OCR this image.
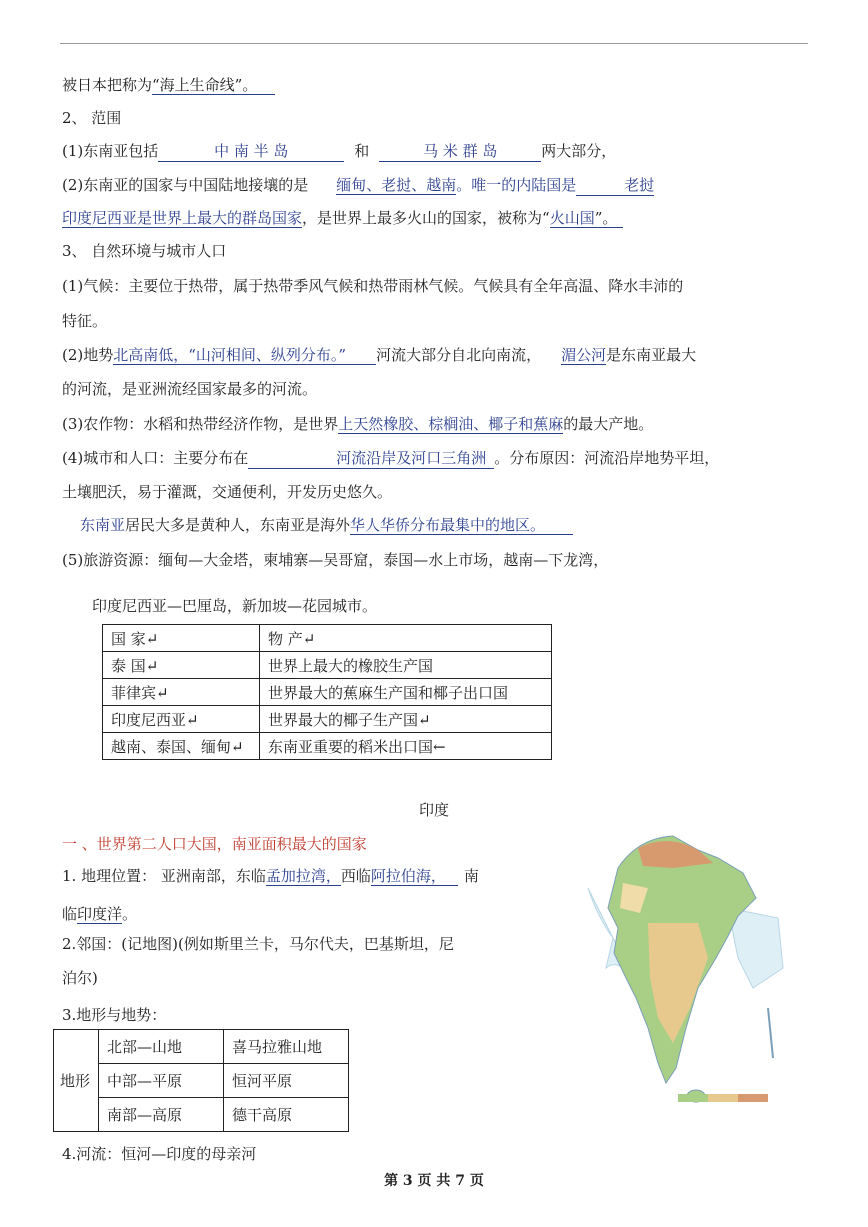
被日本把称为“海上生命线”。
2、 范围
(1)东南亚包括	中 南 半 岛	和	马 米 群 岛	两大部分，
(2)东南亚的国家与中国陆地接壤的是 缅甸、老挝、越南。唯一的内陆国是	老挝
印度尼西亚是世界上最大的群岛国家，是世界上最多火山的国家，被称为“火山国”。
3、 自然环境与城市人口
(1)气候：主要位于热带，属于热带季风气候和热带雨林气候。气候具有全年高温、降水丰沛的
特征。
(2)地势北高南低，“山河相间、纵列分布。” 河流大部分自北向南流， 湄公河是东南亚最大
的河流，是亚洲流经国家最多的河流。
(3)农作物：水稻和热带经济作物，是世界上天然橡胶、棕榈油、椰子和蕉麻的最大产地。
(4)城市和人口：主要分布在	河流沿岸及河口三角洲 。分布原因：河流沿岸地势平坦，
土壤肥沃，易于灌溉，交通便利，开发历史悠久。
东南亚居民大多是黄种人，东南亚是海外华人华侨分布最集中的地区。
(5)旅游资源：缅甸—大金塔，柬埔寨—吴哥窟，泰国—水上市场，越南—下龙湾，
印度尼西亚—巴厘岛，新加坡—花园城市。
国 家↵	物 产↵
泰 国↵	世界上最大的橡胶生产国
菲律宾↵	世界最大的蕉麻生产国和椰子出口国
印度尼西亚↵	世界最大的椰子生产国↵
越南、泰国、缅甸↵	东南亚重要的稻米出口国←
印度
一 、世界第二人口大国，南亚面积最大的国家
1. 地理位置： 亚洲南部，东临孟加拉湾，西临阿拉伯海， 南
临印度洋。
2.邻国：(记地图)(例如斯里兰卡，马尔代夫，巴基斯坦，尼
泊尔)
3.地形与地势：
地形	北部—山地	喜马拉雅山地
	中部—平原	恒河平原
	南部—高原	德干高原
4.河流：恒河—印度的母亲河
第 3 页 共 7 页
